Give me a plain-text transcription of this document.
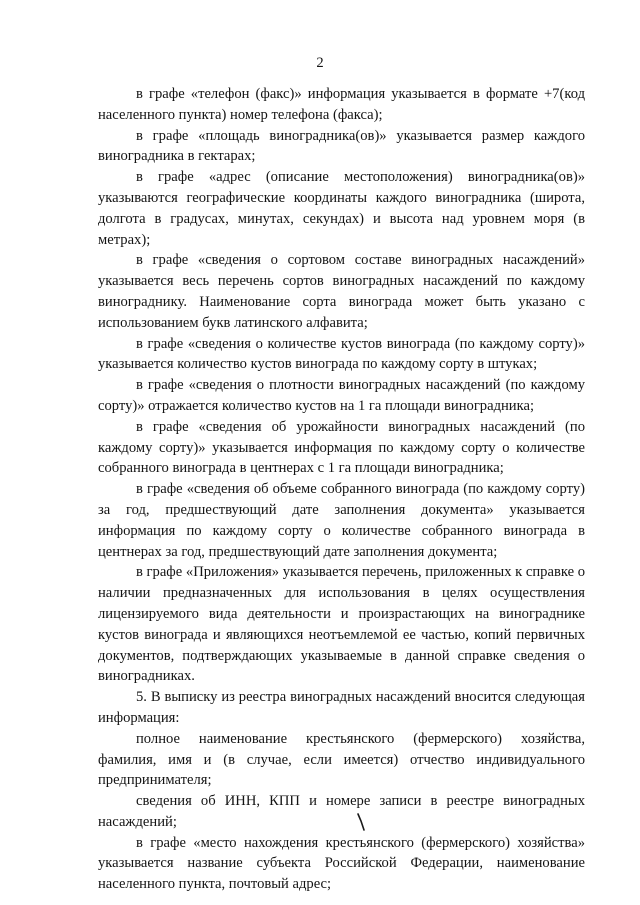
2

в графе «телефон (факс)» информация указывается в формате +7(код населенного пункта) номер телефона (факса);

в графе «площадь виноградника(ов)» указывается размер каждого виноградника в гектарах;

в графе «адрес (описание местоположения) виноградника(ов)» указываются географические координаты каждого виноградника (широта, долгота в градусах, минутах, секундах) и высота над уровнем моря (в метрах);

в графе «сведения о сортовом составе виноградных насаждений» указывается весь перечень сортов виноградных насаждений по каждому винограднику. Наименование сорта винограда может быть указано с использованием букв латинского алфавита;

в графе «сведения о количестве кустов винограда (по каждому сорту)» указывается количество кустов винограда по каждому сорту в штуках;

в графе «сведения о плотности виноградных насаждений (по каждому сорту)» отражается количество кустов на 1 га площади виноградника;

в графе «сведения об урожайности виноградных насаждений (по каждому сорту)» указывается информация по каждому сорту о количестве собранного винограда в центнерах с 1 га площади виноградника;

в графе «сведения об объеме собранного винограда (по каждому сорту) за год, предшествующий дате заполнения документа» указывается информация по каждому сорту о количестве собранного винограда в центнерах за год, предшествующий дате заполнения документа;

в графе «Приложения» указывается перечень, приложенных к справке о наличии предназначенных для использования в целях осуществления лицензируемого вида деятельности и произрастающих на винограднике кустов винограда и являющихся неотъемлемой ее частью, копий первичных документов, подтверждающих указываемые в данной справке сведения о виноградниках.

5. В выписку из реестра виноградных насаждений вносится следующая информация:

полное наименование крестьянского (фермерского) хозяйства, фамилия, имя и (в случае, если имеется) отчество индивидуального предпринимателя;

сведения об ИНН, КПП и номере записи в реестре виноградных насаждений;

в графе «место нахождения крестьянского (фермерского) хозяйства» указывается название субъекта Российской Федерации, наименование населенного пункта, почтовый адрес;
